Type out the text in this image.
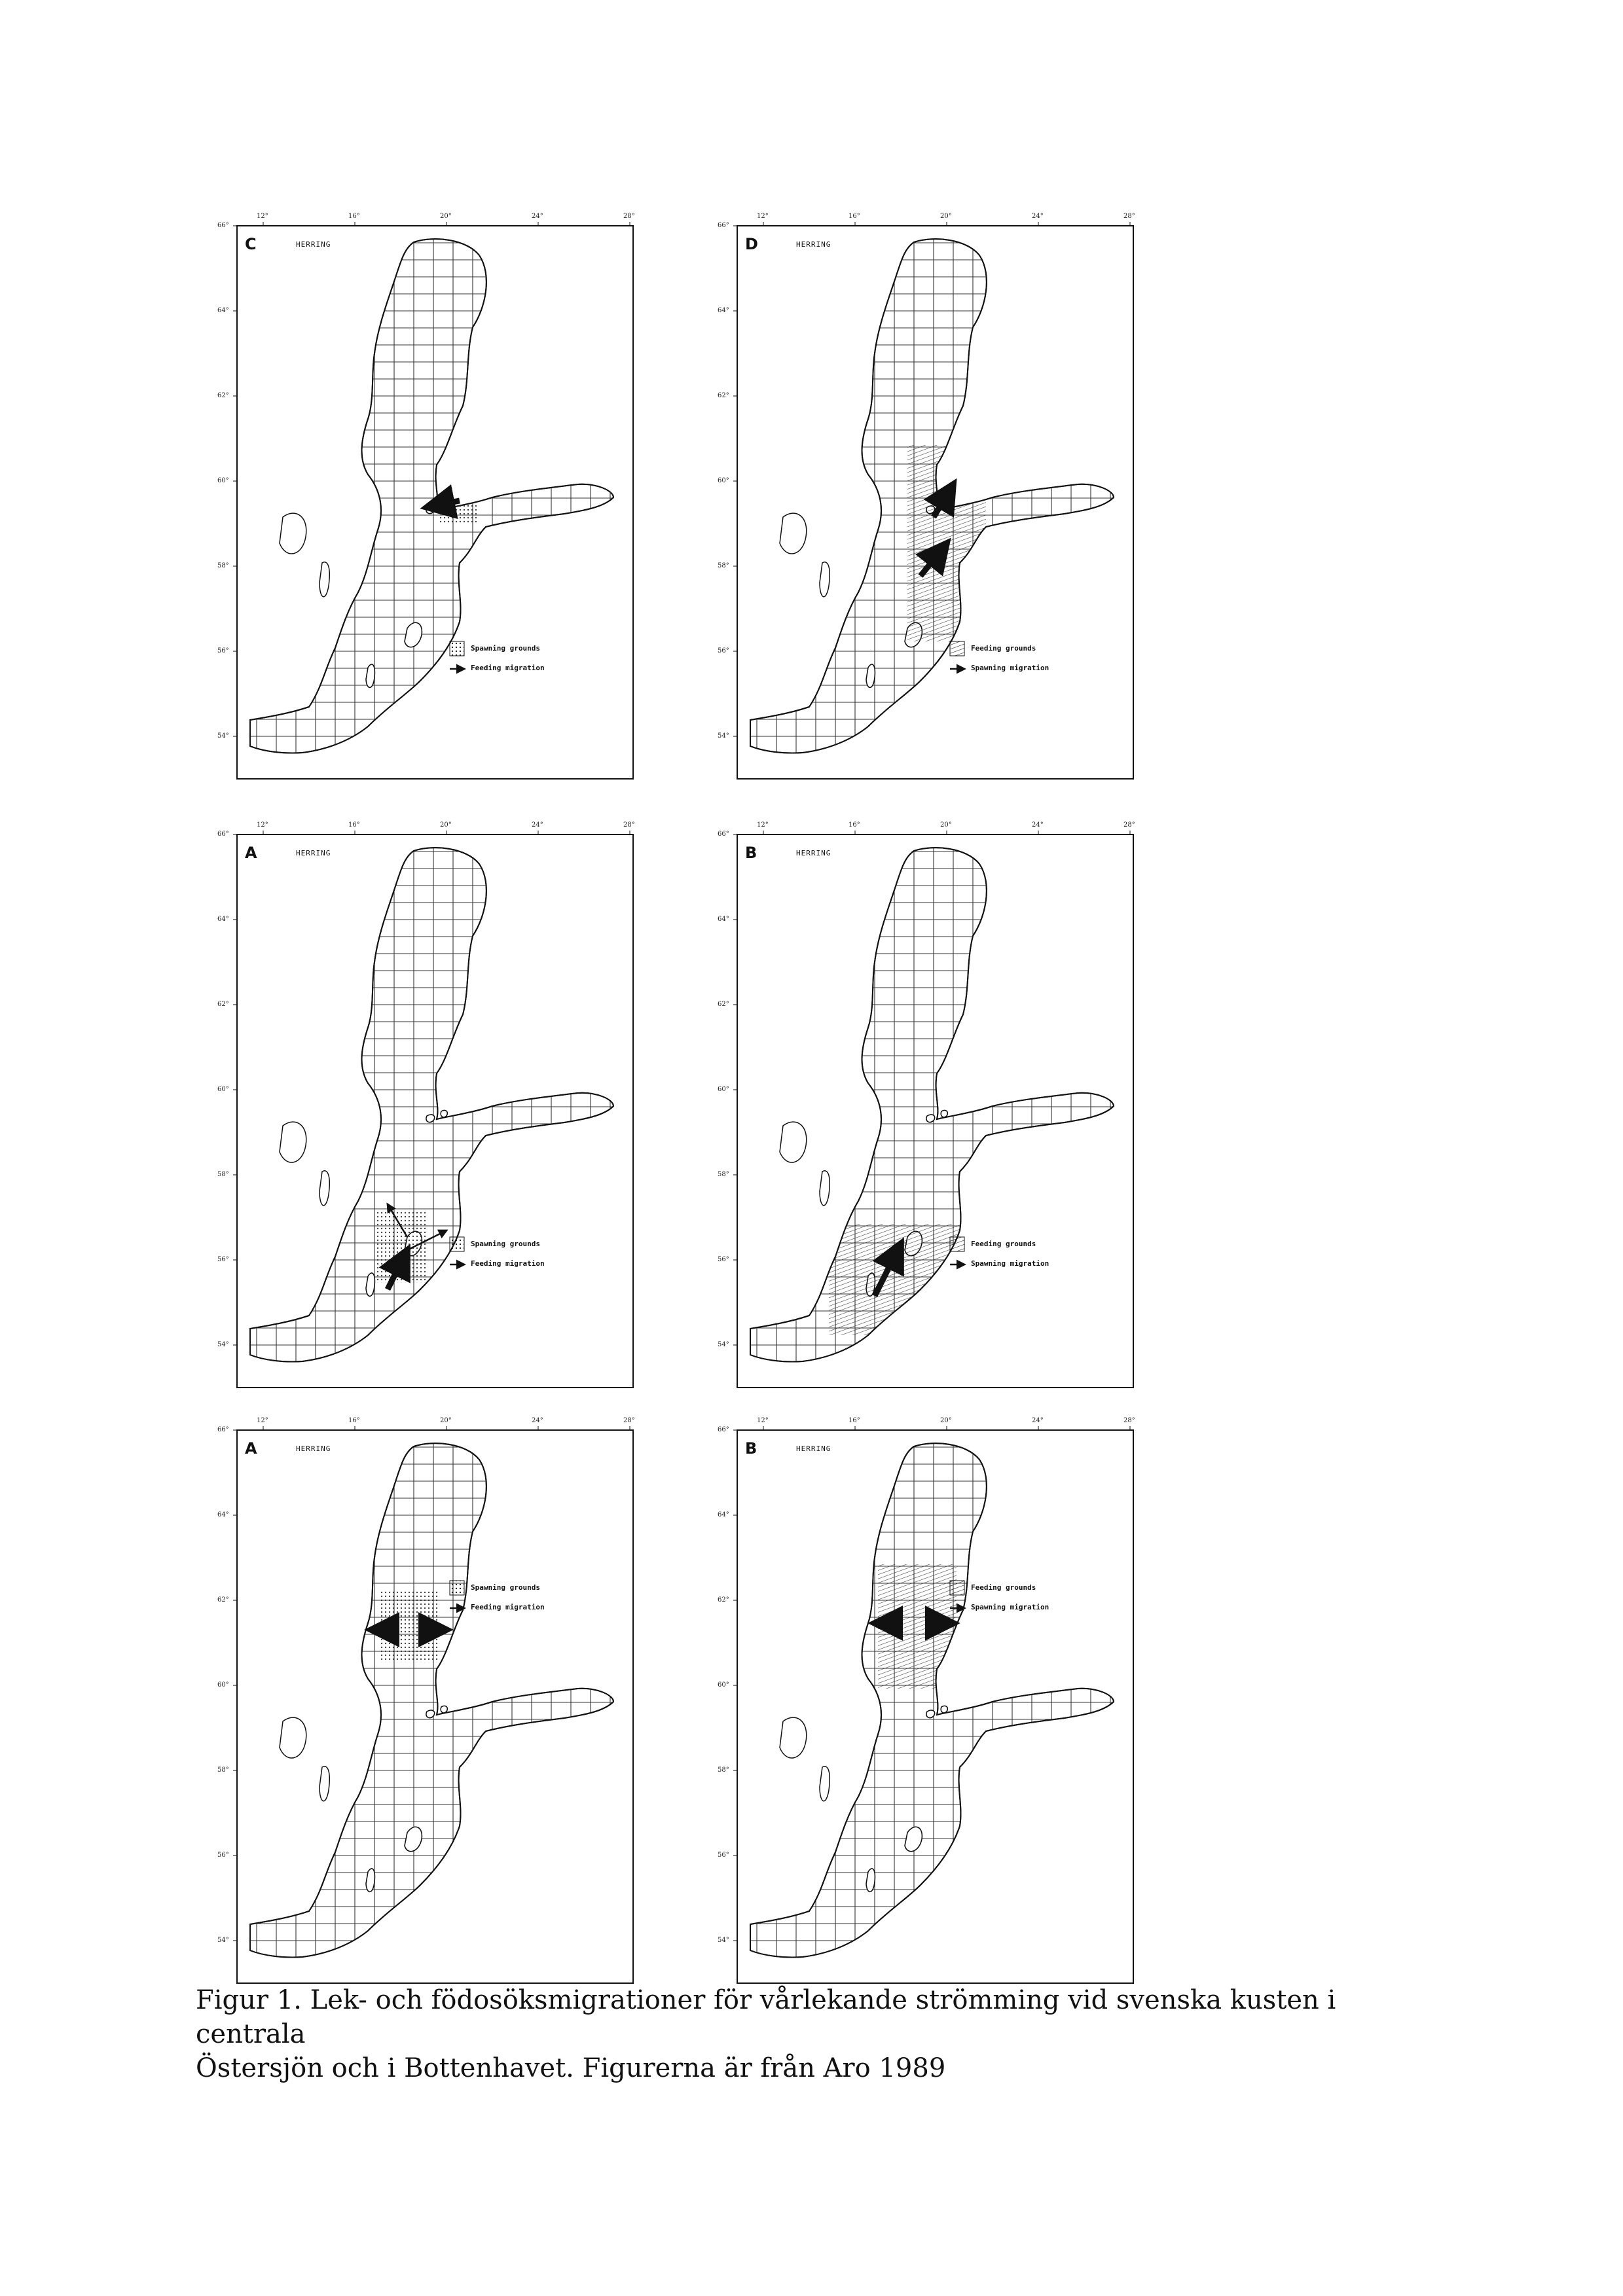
12°	16°	20°	24°	28°
66°
64°
62°
60°
58°
56°
54°
C	HERRING
Spawning grounds
Feeding migration
12°	16°	20°	24°	28°
66°
64°
62°
60°
58°
56°
54°
D	HERRING
Feeding grounds
Spawning migration
12°	16°	20°	24°	28°
66°
64°
62°
60°
58°
56°
54°
A	HERRING
Spawning grounds
Feeding migration
12°	16°	20°	24°	28°
66°
64°
62°
60°
58°
56°
54°
B	HERRING
Feeding grounds
Spawning migration
12°	16°	20°	24°	28°
66°
64°
62°
60°
58°
56°
54°
A	HERRING
Spawning grounds
Feeding migration
12°	16°	20°	24°	28°
66°
64°
62°
60°
58°
56°
54°
B	HERRING
Feeding grounds
Spawning migration
Figur 1. Lek- och födosöksmigrationer för vårlekande strömming vid svenska kusten i centrala
Östersjön och i Bottenhavet. Figurerna är från Aro 1989
